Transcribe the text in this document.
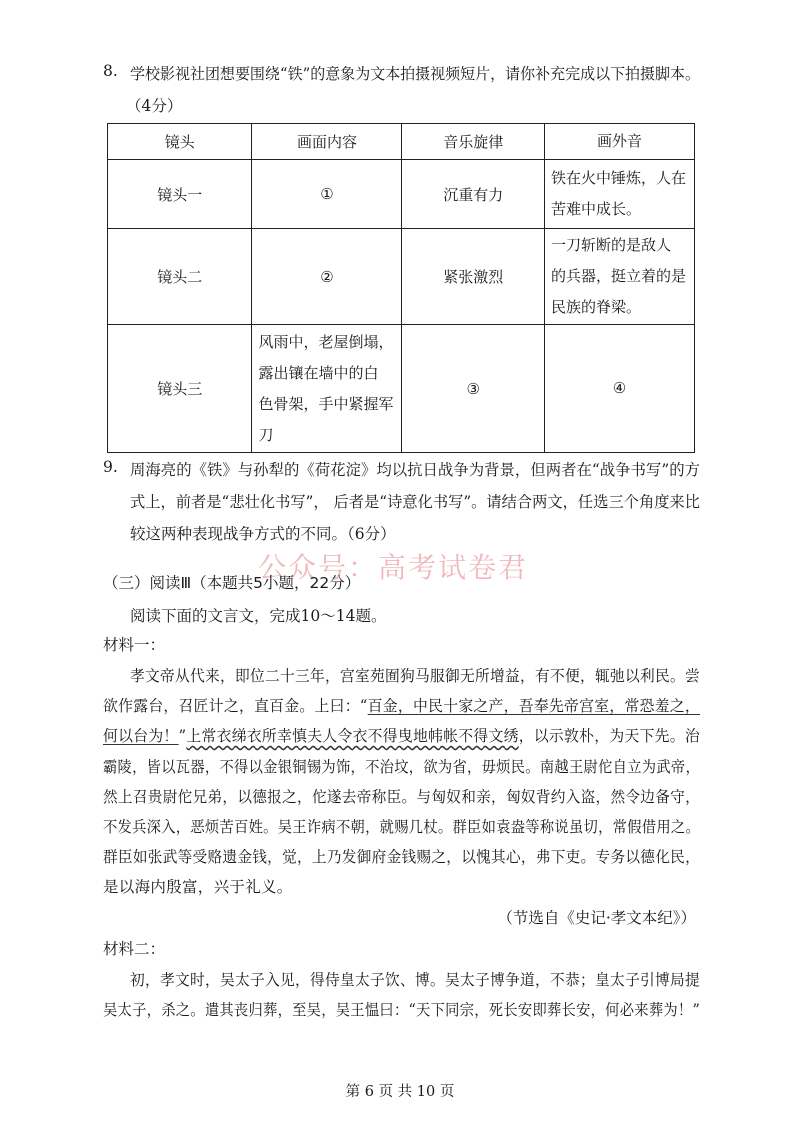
8. 学校影视社团想要围绕“铁”的意象为文本拍摄视频短片，请你补充完成以下拍摄脚本。
（4分）
镜头	画面内容	音乐旋律	画外音
镜头一	①	沉重有力	铁在火中锤炼，人在
苦难中成长。

镜头二	②	紧张激烈	一刀斩断的是敌人
的兵器，挺立着的是
民族的脊梁。

镜头三	风雨中，老屋倒塌，
露出镶在墙中的白
色骨架，手中紧握军
刀	③	④
9. 周海亮的《铁》与孙犁的《荷花淀》均以抗日战争为背景，但两者在“战争书写”的方
式上，前者是“悲壮化书写”， 后者是“诗意化书写”。请结合两文，任选三个角度来比
较这两种表现战争方式的不同。（6分）
公众号：高考试卷君
（三）阅读Ⅲ（本题共5小题，22分）
阅读下面的文言文，完成10～14题。
材料一：
孝文帝从代来，即位二十三年，宫室苑囿狗马服御无所增益，有不便，辄弛以利民。尝
欲作露台，召匠计之，直百金。上曰：“百金，中民十家之产，吾奉先帝宫室，常恐羞之，
何以台为！”上常衣绨衣所幸慎夫人令衣不得曳地帏帐不得文绣，以示敦朴，为天下先。治
霸陵，皆以瓦器，不得以金银铜锡为饰，不治坟，欲为省，毋烦民。南越王尉佗自立为武帝，
然上召贵尉佗兄弟，以德报之，佗遂去帝称臣。与匈奴和亲，匈奴背约入盗，然令边备守，
不发兵深入，恶烦苦百姓。吴王诈病不朝，就赐几杖。群臣如袁盎等称说虽切，常假借用之。
群臣如张武等受赂遗金钱，觉，上乃发御府金钱赐之，以愧其心，弗下吏。专务以德化民，
是以海内殷富，兴于礼义。
（节选自《史记·孝文本纪》）
材料二：
初，孝文时，吴太子入见，得侍皇太子饮、博。吴太子博争道，不恭；皇太子引博局提
吴太子，杀之。遣其丧归葬，至吴，吴王愠曰：“天下同宗，死长安即葬长安，何必来葬为！”
第 6 页 共 10 页
